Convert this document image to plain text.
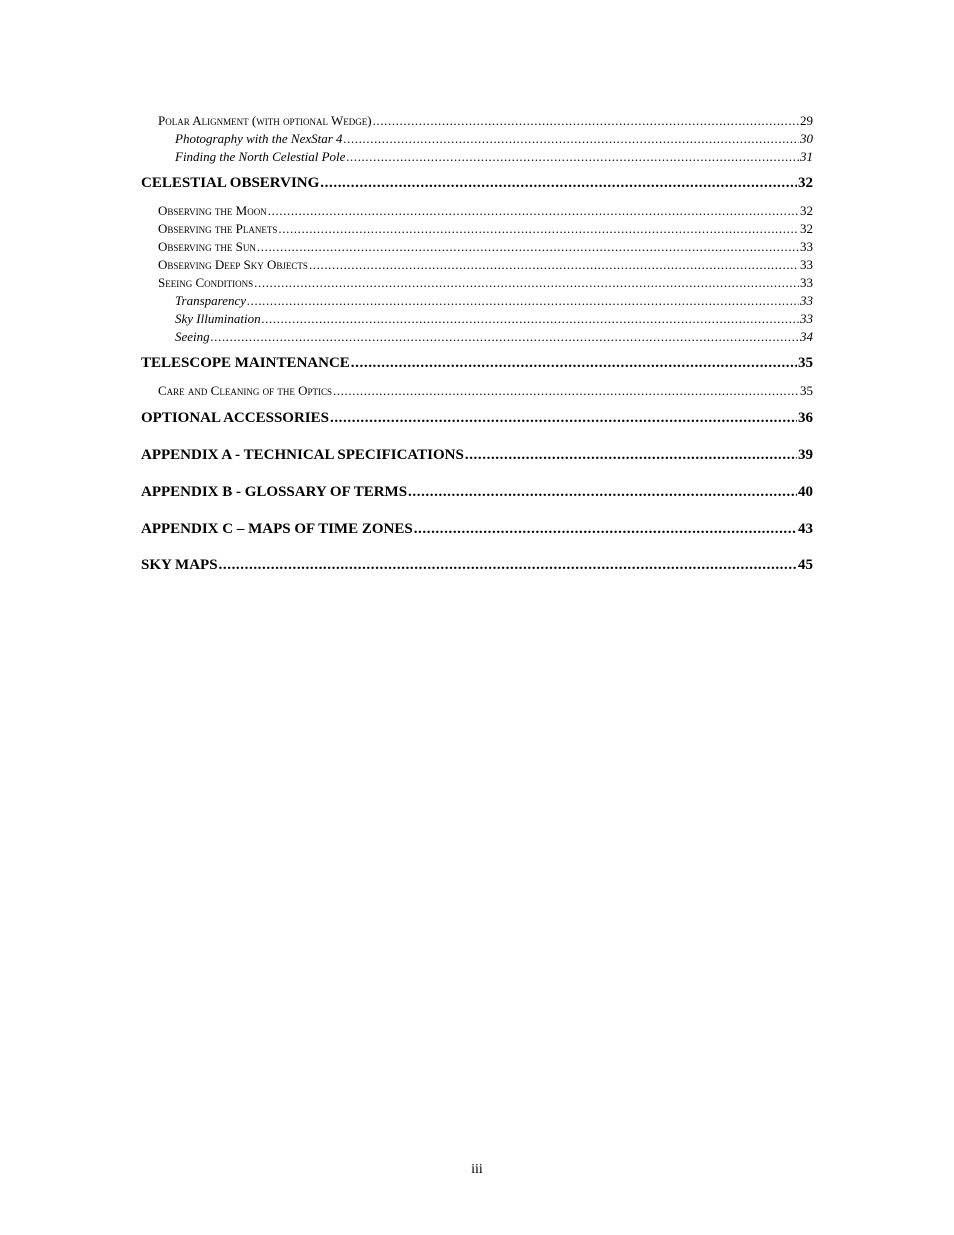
Polar Alignment (with optional Wedge) .....	29
Photography with the NexStar 4 .....	30
Finding the North Celestial Pole .....	31
CELESTIAL OBSERVING .....	32
Observing the Moon .....	32
Observing the Planets .....	32
Observing the Sun .....	33
Observing Deep Sky Objects .....	33
Seeing Conditions .....	33
Transparency .....	33
Sky Illumination .....	33
Seeing .....	34
TELESCOPE MAINTENANCE .....	35
Care and Cleaning of the Optics .....	35
OPTIONAL ACCESSORIES .....	36
APPENDIX A - TECHNICAL SPECIFICATIONS .....	39
APPENDIX B - GLOSSARY OF TERMS .....	40
APPENDIX C – MAPS OF TIME ZONES .....	43
SKY MAPS .....	45
iii
